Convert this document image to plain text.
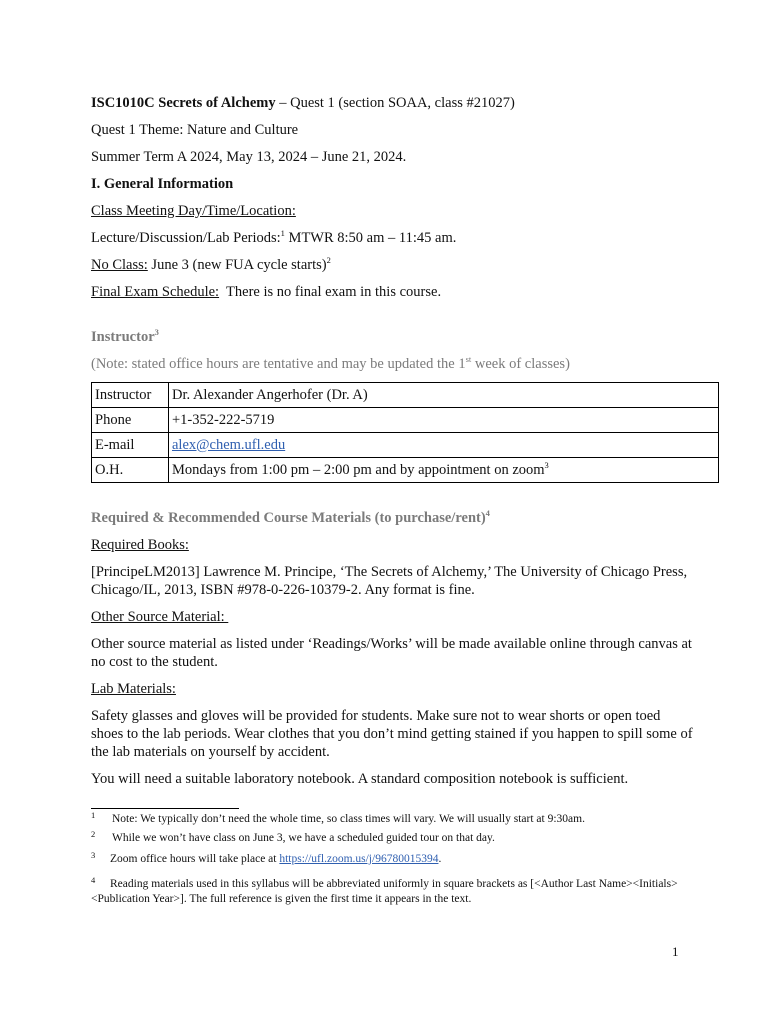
ISC1010C Secrets of Alchemy – Quest 1 (section SOAA, class #21027)

Quest 1 Theme: Nature and Culture

Summer Term A 2024, May 13, 2024 – June 21, 2024.

I. General Information

Class Meeting Day/Time/Location:

Lecture/Discussion/Lab Periods:$^1$ MTWR 8:50 am – 11:45 am.

No Class: June 3 (new FUA cycle starts)$^2$

Final Exam Schedule:  There is no final exam in this course.

Instructor$^3$

(Note: stated office hours are tentative and may be updated the 1st week of classes)

Instructor	Dr. Alexander Angerhofer (Dr. A)
Phone	+1-352-222-5719
E-mail	alex@chem.ufl.edu
O.H.	Mondays from 1:00 pm – 2:00 pm and by appointment on zoom$^3$

Required & Recommended Course Materials (to purchase/rent)$^4$

Required Books:

[PrincipeLM2013] Lawrence M. Principe, ‘The Secrets of Alchemy,’ The University of Chicago Press, Chicago/IL, 2013, ISBN #978-0-226-10379-2. Any format is fine.

Other Source Material:

Other source material as listed under ‘Readings/Works’ will be made available online through canvas at no cost to the student.

Lab Materials:

Safety glasses and gloves will be provided for students. Make sure not to wear shorts or open toed shoes to the lab periods. Wear clothes that you don’t mind getting stained if you happen to spill some of the lab materials on yourself by accident.

You will need a suitable laboratory notebook. A standard composition notebook is sufficient.

1 Note: We typically don’t need the whole time, so class times will vary. We will usually start at 9:30am.

2 While we won’t have class on June 3, we have a scheduled guided tour on that day.

3 Zoom office hours will take place at https://ufl.zoom.us/j/96780015394.

4 Reading materials used in this syllabus will be abbreviated uniformly in square brackets as [<Author Last Name><Initials><Publication Year>]. The full reference is given the first time it appears in the text.

1
